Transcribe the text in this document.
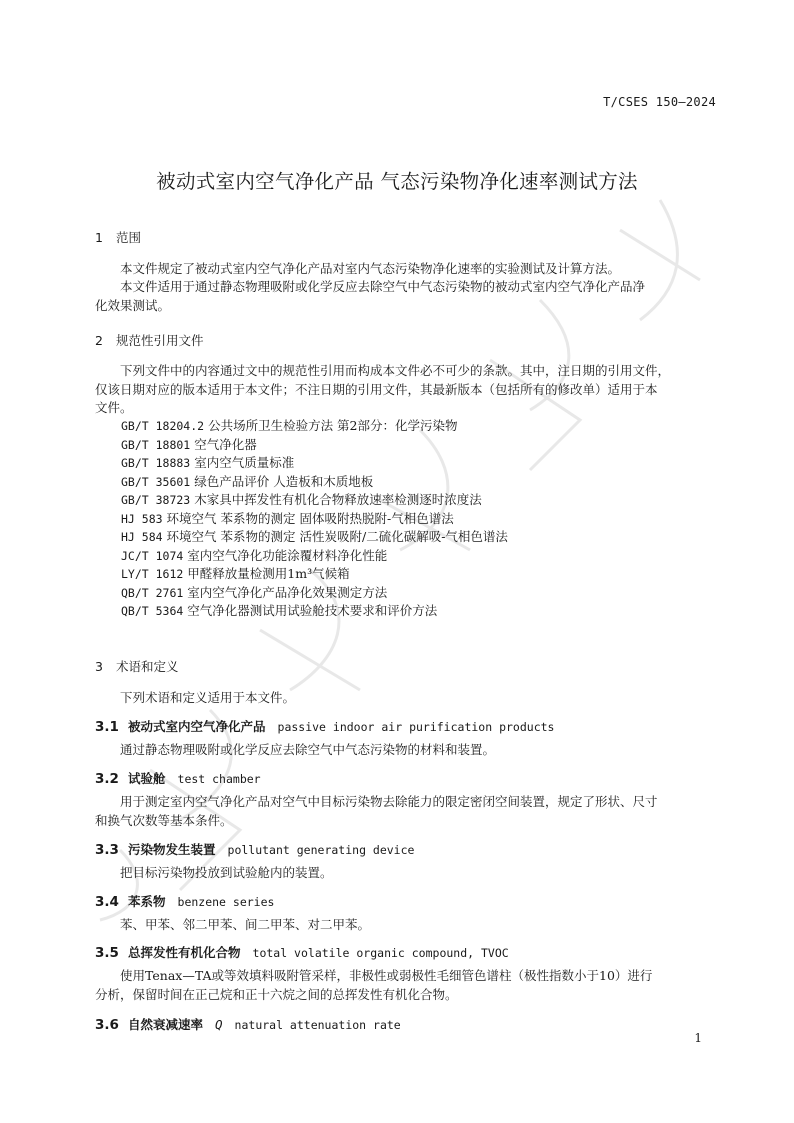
T/CSES 150—2024
被动式室内空气净化产品 气态污染物净化速率测试方法
1 范围
本文件规定了被动式室内空气净化产品对室内气态污染物净化速率的实验测试及计算方法。
本文件适用于通过静态物理吸附或化学反应去除空气中气态污染物的被动式室内空气净化产品净
化效果测试。
2 规范性引用文件
下列文件中的内容通过文中的规范性引用而构成本文件必不可少的条款。其中，注日期的引用文件，
仅该日期对应的版本适用于本文件；不注日期的引用文件，其最新版本（包括所有的修改单）适用于本
文件。
GB/T 18204.2 公共场所卫生检验方法 第2部分：化学污染物
GB/T 18801 空气净化器
GB/T 18883 室内空气质量标准
GB/T 35601 绿色产品评价 人造板和木质地板
GB/T 38723 木家具中挥发性有机化合物释放速率检测逐时浓度法
HJ 583 环境空气 苯系物的测定 固体吸附热脱附-气相色谱法
HJ 584 环境空气 苯系物的测定 活性炭吸附/二硫化碳解吸-气相色谱法
JC/T 1074 室内空气净化功能涂覆材料净化性能
LY/T 1612 甲醛释放量检测用1m³气候箱
QB/T 2761 室内空气净化产品净化效果测定方法
QB/T 5364 空气净化器测试用试验舱技术要求和评价方法
3 术语和定义
下列术语和定义适用于本文件。
3.1 被动式室内空气净化产品 passive indoor air purification products
通过静态物理吸附或化学反应去除空气中气态污染物的材料和装置。
3.2 试验舱 test chamber
用于测定室内空气净化产品对空气中目标污染物去除能力的限定密闭空间装置，规定了形状、尺寸
和换气次数等基本条件。
3.3 污染物发生装置 pollutant generating device
把目标污染物投放到试验舱内的装置。
3.4 苯系物 benzene series
苯、甲苯、邻二甲苯、间二甲苯、对二甲苯。
3.5 总挥发性有机化合物 total volatile organic compound, TVOC
使用Tenax—TA或等效填料吸附管采样，非极性或弱极性毛细管色谱柱（极性指数小于10）进行
分析，保留时间在正己烷和正十六烷之间的总挥发性有机化合物。
3.6 自然衰减速率 Q natural attenuation rate
1
